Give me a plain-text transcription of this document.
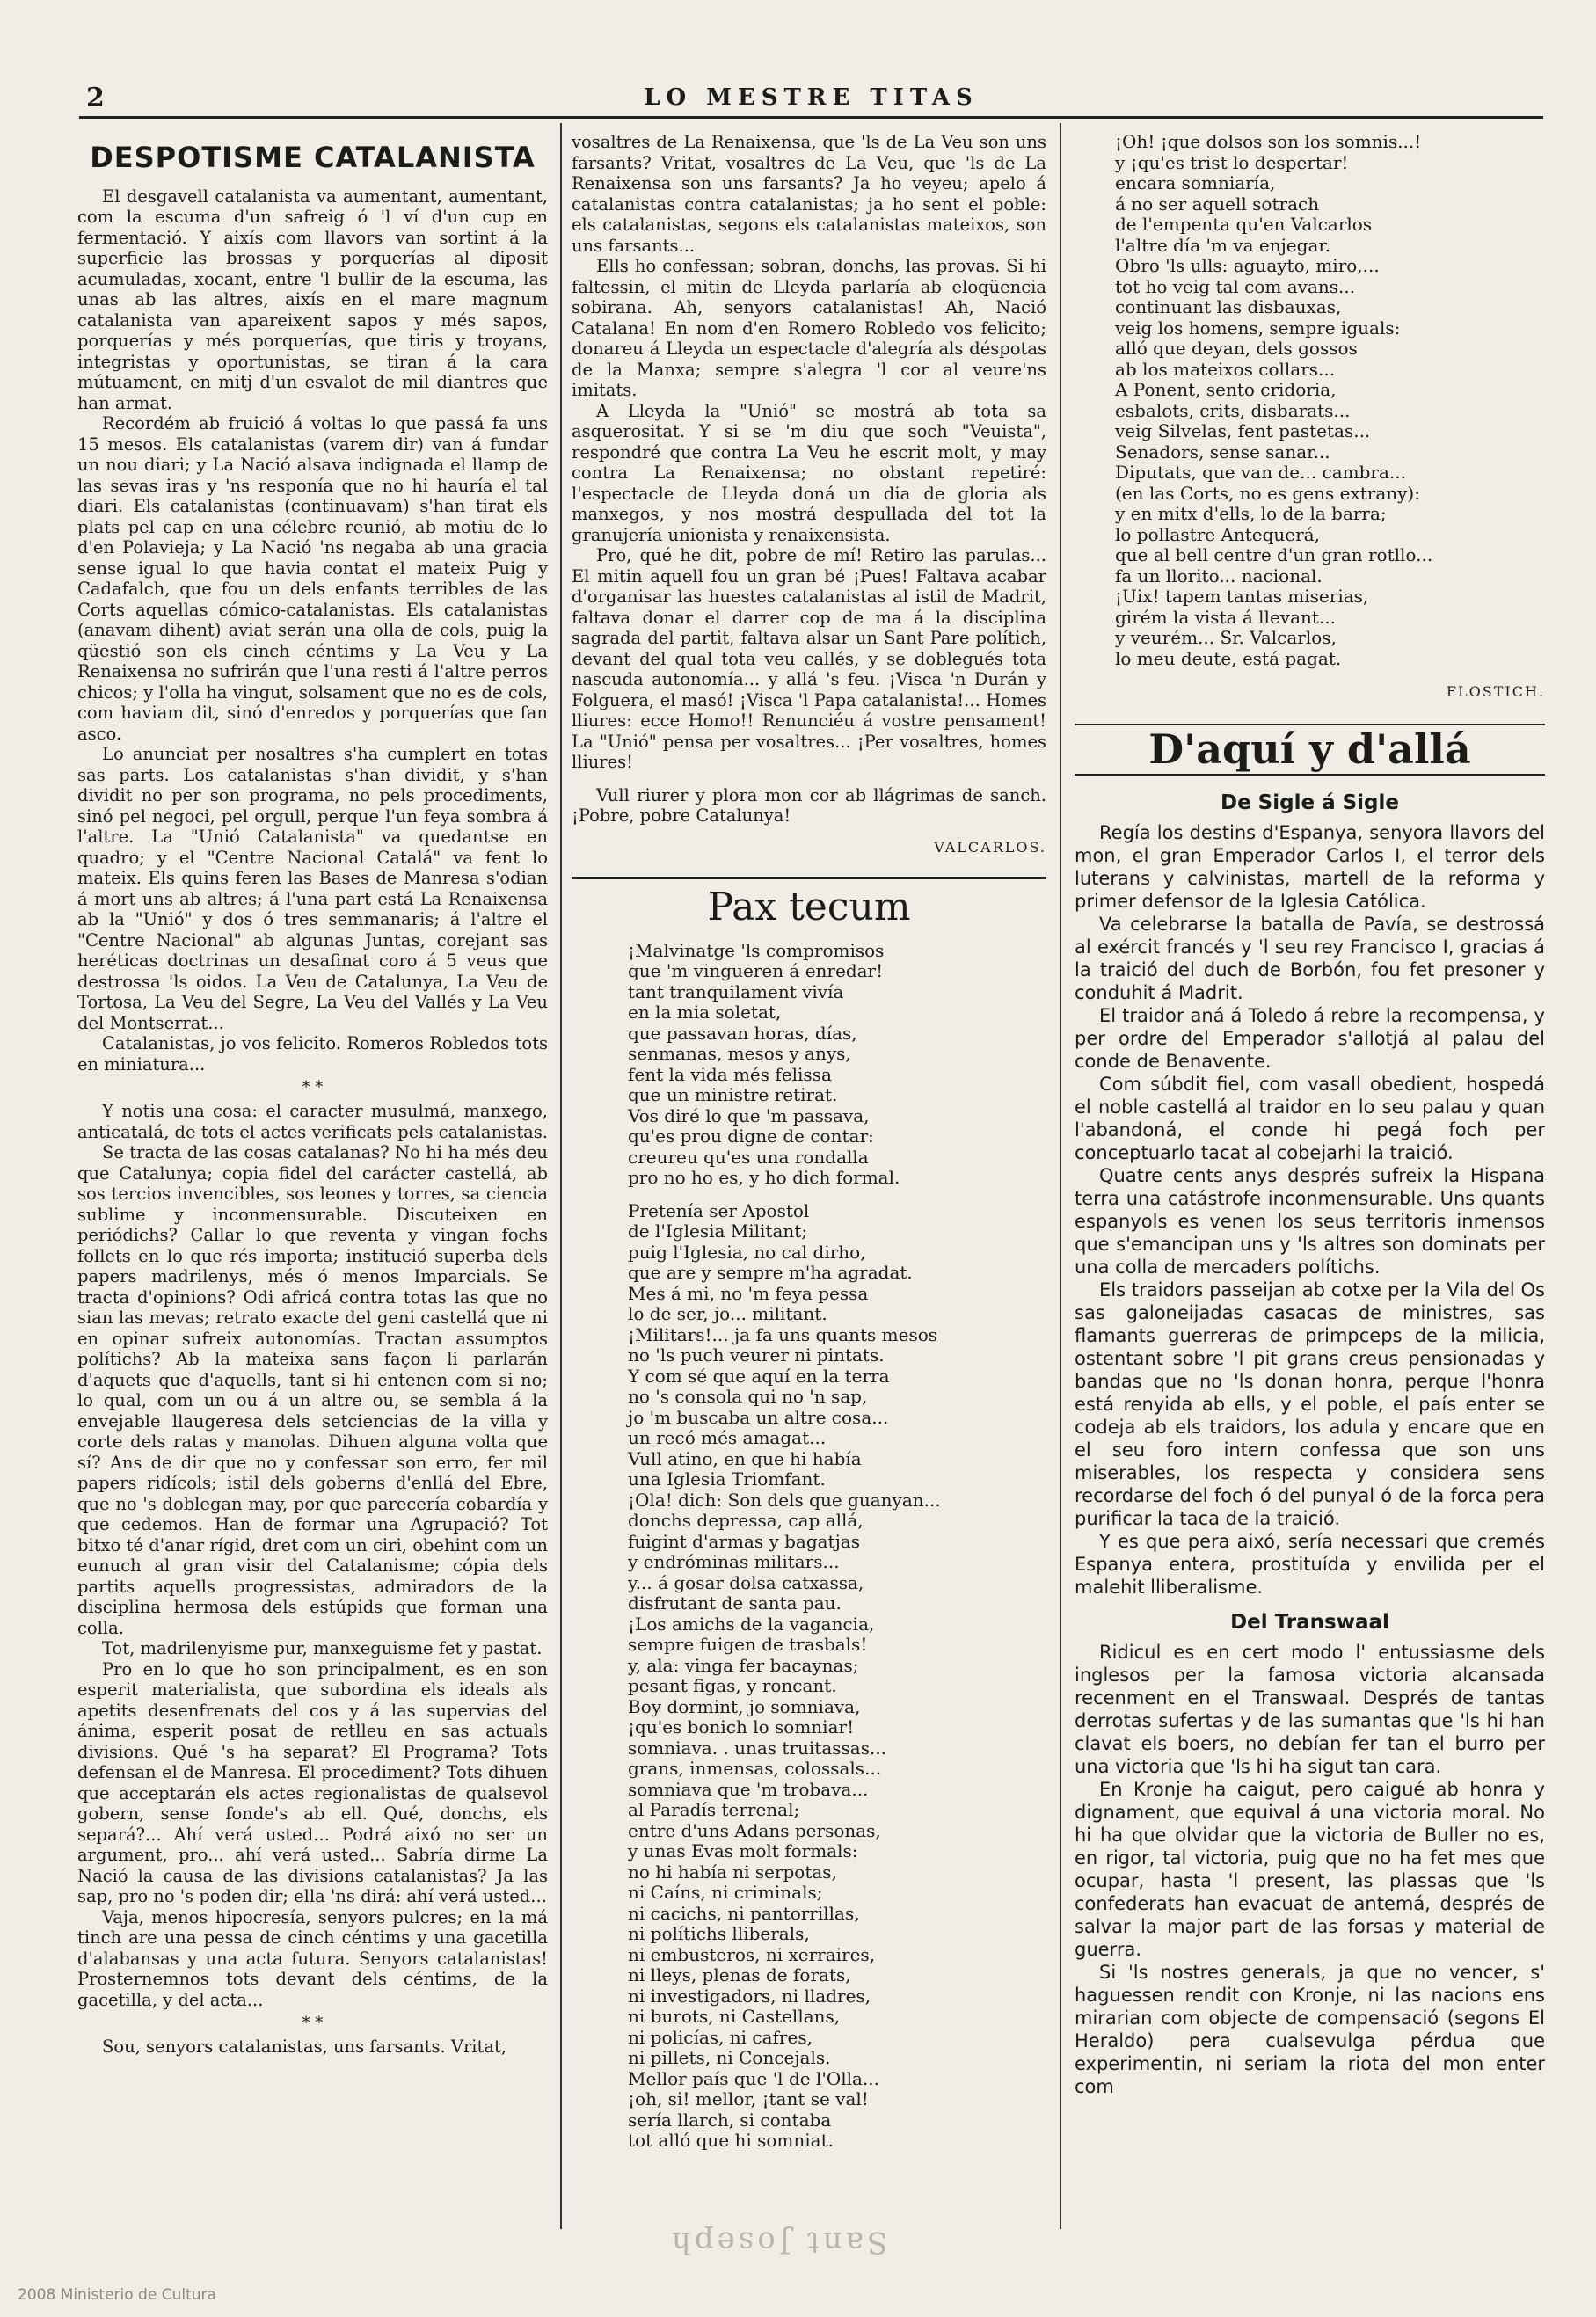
2	LO MESTRE TITAS
DESPOTISME CATALANISTA

El desgavell catalanista va aumentant, aumentant, com la escuma d'un safreig ó 'l ví d'un cup en fermentació. Y aixís com llavors van sortint á la superficie las brossas y porquerías al diposit acumuladas, xocant, entre 'l bullir de la escuma, las unas ab las altres, aixís en el mare magnum catalanista van apareixent sapos y més sapos, porquerías y més porquerías, que tiris y troyans, integristas y oportunistas, se tiran á la cara mútuament, en mitj d'un esvalot de mil diantres que han armat.

Recordém ab fruició á voltas lo que passá fa uns 15 mesos. Els catalanistas (varem dir) van á fundar un nou diari; y La Nació alsava indignada el llamp de las sevas iras y 'ns responía que no hi hauría el tal diari. Els catalanistas (continuavam) s'han tirat els plats pel cap en una célebre reunió, ab motiu de lo d'en Polavieja; y La Nació 'ns negaba ab una gracia sense igual lo que havia contat el mateix Puig y Cadafalch, que fou un dels enfants terribles de las Corts aquellas cómico-catalanistas. Els catalanistas (anavam dihent) aviat serán una olla de cols, puig la qüestió son els cinch céntims y La Veu y La Renaixensa no sufrirán que l'una resti á l'altre perros chicos; y l'olla ha vingut, solsament que no es de cols, com haviam dit, sinó d'enredos y porquerías que fan asco.

Lo anunciat per nosaltres s'ha cumplert en totas sas parts. Los catalanistas s'han dividit, y s'han dividit no per son programa, no pels procediments, sinó pel negoci, pel orgull, perque l'un feya sombra á l'altre. La "Unió Catalanista" va quedantse en quadro; y el "Centre Nacional Catalá" va fent lo mateix. Els quins feren las Bases de Manresa s'odian á mort uns ab altres; á l'una part está La Renaixensa ab la "Unió" y dos ó tres semmanaris; á l'altre el "Centre Nacional" ab algunas Juntas, corejant sas heréticas doctrinas un desafinat coro á 5 veus que destrossa 'ls oidos. La Veu de Catalunya, La Veu de Tortosa, La Veu del Segre, La Veu del Vallés y La Veu del Montserrat...

Catalanistas, jo vos felicito. Romeros Robledos tots en miniatura...

* *

Y notis una cosa: el caracter musulmá, manxego, anticatalá, de tots el actes verificats pels catalanistas.

Se tracta de las cosas catalanas? No hi ha més deu que Catalunya; copia fidel del carácter castellá, ab sos tercios invencibles, sos leones y torres, sa ciencia sublime y inconmensurable. Discuteixen en periódichs? Callar lo que reventa y vingan fochs follets en lo que rés importa; institució superba dels papers madrilenys, més ó menos Imparcials. Se tracta d'opinions? Odi africá contra totas las que no sian las mevas; retrato exacte del geni castellá que ni en opinar sufreix autonomías. Tractan assumptos polítichs? Ab la mateixa sans façon li parlarán d'aquets que d'aquells, tant si hi entenen com si no; lo qual, com un ou á un altre ou, se sembla á la envejable llaugeresa dels setciencias de la villa y corte dels ratas y manolas. Dihuen alguna volta que sí? Ans de dir que no y confessar son erro, fer mil papers ridícols; istil dels goberns d'enllá del Ebre, que no 's doblegan may, por que parecería cobardía y que cedemos. Han de formar una Agrupació? Tot bitxo té d'anar rígid, dret com un ciri, obehint com un eunuch al gran visir del Catalanisme; cópia dels partits aquells progressistas, admiradors de la disciplina hermosa dels estúpids que forman una colla.

Tot, madrilenyisme pur, manxeguisme fet y pastat.

Pro en lo que ho son principalment, es en son esperit materialista, que subordina els ideals als apetits desenfrenats del cos y á las supervias del ánima, esperit posat de retlleu en sas actuals divisions. Qué 's ha separat? El Programa? Tots defensan el de Manresa. El procediment? Tots dihuen que acceptarán els actes regionalistas de qualsevol gobern, sense fonde's ab ell. Qué, donchs, els separá?... Ahí verá usted... Podrá aixó no ser un argument, pro... ahí verá usted... Sabría dirme La Nació la causa de las divisions catalanistas? Ja las sap, pro no 's poden dir; ella 'ns dirá: ahí verá usted...

Vaja, menos hipocresía, senyors pulcres; en la má tinch are una pessa de cinch céntims y una gacetilla d'alabansas y una acta futura. Senyors catalanistas! Prosternemnos tots devant dels céntims, de la gacetilla, y del acta...

* *

Sou, senyors catalanistas, uns farsants. Vritat,

vosaltres de La Renaixensa, que 'ls de La Veu son uns farsants? Vritat, vosaltres de La Veu, que 'ls de La Renaixensa son uns farsants? Ja ho veyeu; apelo á catalanistas contra catalanistas; ja ho sent el poble: els catalanistas, segons els catalanistas mateixos, son uns farsants...

Ells ho confessan; sobran, donchs, las provas. Si hi faltessin, el mitin de Lleyda parlaría ab eloqüencia sobirana. Ah, senyors catalanistas! Ah, Nació Catalana! En nom d'en Romero Robledo vos felicito; donareu á Lleyda un espectacle d'alegría als déspotas de la Manxa; sempre s'alegra 'l cor al veure'ns imitats.

A Lleyda la "Unió" se mostrá ab tota sa asquerositat. Y si se 'm diu que soch "Veuista", respondré que contra La Veu he escrit molt, y may contra La Renaixensa; no obstant repetiré: l'espectacle de Lleyda doná un dia de gloria als manxegos, y nos mostrá despullada del tot la granujería unionista y renaixensista.

Pro, qué he dit, pobre de mí! Retiro las parulas... El mitin aquell fou un gran bé ¡Pues! Faltava acabar d'organisar las huestes catalanistas al istil de Madrit, faltava donar el darrer cop de ma á la disciplina sagrada del partit, faltava alsar un Sant Pare polítich, devant del qual tota veu callés, y se doblegués tota nascuda autonomía... y allá 's feu. ¡Visca 'n Durán y Folguera, el masó! ¡Visca 'l Papa catalanista!... Homes lliures: ecce Homo!! Renunciéu á vostre pensament! La "Unió" pensa per vosaltres... ¡Per vosaltres, homes lliures!

Vull riurer y plora mon cor ab llágrimas de sanch. ¡Pobre, pobre Catalunya!

VALCARLOS.
Pax tecum
¡Malvinatge 'ls compromisos
que 'm vingueren á enredar!
tant tranquilament vivía
en la mia soletat,
que passavan horas, días,
senmanas, mesos y anys,
fent la vida més felissa
que un ministre retirat.
Vos diré lo que 'm passava,
qu'es prou digne de contar:
creureu qu'es una rondalla
pro no ho es, y ho dich formal.
Pretenía ser Apostol
de l'Iglesia Militant;
puig l'Iglesia, no cal dirho,
que are y sempre m'ha agradat.
Mes á mi, no 'm feya pessa
lo de ser, jo... militant.
¡Militars!... ja fa uns quants mesos
no 'ls puch veurer ni pintats.
Y com sé que aquí en la terra
no 's consola qui no 'n sap,
jo 'm buscaba un altre cosa...
un recó més amagat...
Vull atino, en que hi había
una Iglesia Triomfant.
¡Ola! dich: Son dels que guanyan...
donchs depressa, cap allá,
fuigint d'armas y bagatjas
y endróminas militars...
y... á gosar dolsa catxassa,
disfrutant de santa pau.
¡Los amichs de la vagancia,
sempre fuigen de trasbals!
y, ala: vinga fer bacaynas;
pesant figas, y roncant.
Boy dormint, jo somniava,
¡qu'es bonich lo somniar!
somniava. . unas truitassas...
grans, inmensas, colossals...
somniava que 'm trobava...
al Paradís terrenal;
entre d'uns Adans personas,
y unas Evas molt formals:
no hi había ni serpotas,
ni Caíns, ni criminals;
ni cacichs, ni pantorrillas,
ni polítichs lliberals,
ni embusteros, ni xerraires,
ni lleys, plenas de forats,
ni investigadors, ni lladres,
ni burots, ni Castellans,
ni policías, ni cafres,
ni pillets, ni Concejals.
Mellor país que 'l de l'Olla...
¡oh, si! mellor, ¡tant se val!
sería llarch, si contaba
tot alló que hi somniat.
¡Oh! ¡que dolsos son los somnis...!
y ¡qu'es trist lo despertar!
encara somniaría,
á no ser aquell sotrach
de l'empenta qu'en Valcarlos
l'altre día 'm va enjegar.
Obro 'ls ulls: aguayto, miro,...
tot ho veig tal com avans...
continuant las disbauxas,
veig los homens, sempre iguals:
alló que deyan, dels gossos
ab los mateixos collars...
A Ponent, sento cridoria,
esbalots, crits, disbarats...
veig Silvelas, fent pastetas...
Senadors, sense sanar...
Diputats, que van de... cambra...
(en las Corts, no es gens extrany):
y en mitx d'ells, lo de la barra;
lo pollastre Antequerá,
que al bell centre d'un gran rotllo...
fa un llorito... nacional.
¡Uix! tapem tantas miserias,
girém la vista á llevant...
y veurém... Sr. Valcarlos,
lo meu deute, está pagat.
FLOSTICH.
D'aquí y d'allá
De Sigle á Sigle

Regía los destins d'Espanya, senyora llavors del mon, el gran Emperador Carlos I, el terror dels luterans y calvinistas, martell de la reforma y primer defensor de la Iglesia Católica.

Va celebrarse la batalla de Pavía, se destrossá al exércit francés y 'l seu rey Francisco I, gracias á la traició del duch de Borbón, fou fet presoner y conduhit á Madrit.

El traidor aná á Toledo á rebre la recompensa, y per ordre del Emperador s'allotjá al palau del conde de Benavente.

Com súbdit fiel, com vasall obedient, hospedá el noble castellá al traidor en lo seu palau y quan l'abandoná, el conde hi pegá foch per conceptuarlo tacat al cobejarhi la traició.

Quatre cents anys després sufreix la Hispana terra una catástrofe inconmensurable. Uns quants espanyols es venen los seus territoris inmensos que s'emancipan uns y 'ls altres son dominats per una colla de mercaders polítichs.

Els traidors passeijan ab cotxe per la Vila del Os sas galoneijadas casacas de ministres, sas flamants guerreras de primpceps de la milicia, ostentant sobre 'l pit grans creus pensionadas y bandas que no 'ls donan honra, perque l'honra está renyida ab ells, y el poble, el país enter se codeja ab els traidors, los adula y encare que en el seu foro intern confessa que son uns miserables, los respecta y considera sens recordarse del foch ó del punyal ó de la forca pera purificar la taca de la traició.

Y es que pera aixó, sería necessari que cremés Espanya entera, prostituída y envilida per el malehit lliberalisme.

Del Transwaal

Ridicul es en cert modo l' entussiasme dels inglesos per la famosa victoria alcansada recenment en el Transwaal. Després de tantas derrotas sufertas y de las sumantas que 'ls hi han clavat els boers, no debían fer tan el burro per una victoria que 'ls hi ha sigut tan cara.

En Kronje ha caigut, pero caigué ab honra y dignament, que equival á una victoria moral. No hi ha que olvidar que la victoria de Buller no es, en rigor, tal victoria, puig que no ha fet mes que ocupar, hasta 'l present, las plassas que 'ls confederats han evacuat de antemá, després de salvar la major part de las forsas y material de guerra.

Si 'ls nostres generals, ja que no vencer, s' haguessen rendit con Kronje, ni las nacions ens mirarian com objecte de compensació (segons El Heraldo) pera cualsevulga pérdua que experimentin, ni seriam la riota del mon enter com

Sant Joseph
2008 Ministerio de Cultura
